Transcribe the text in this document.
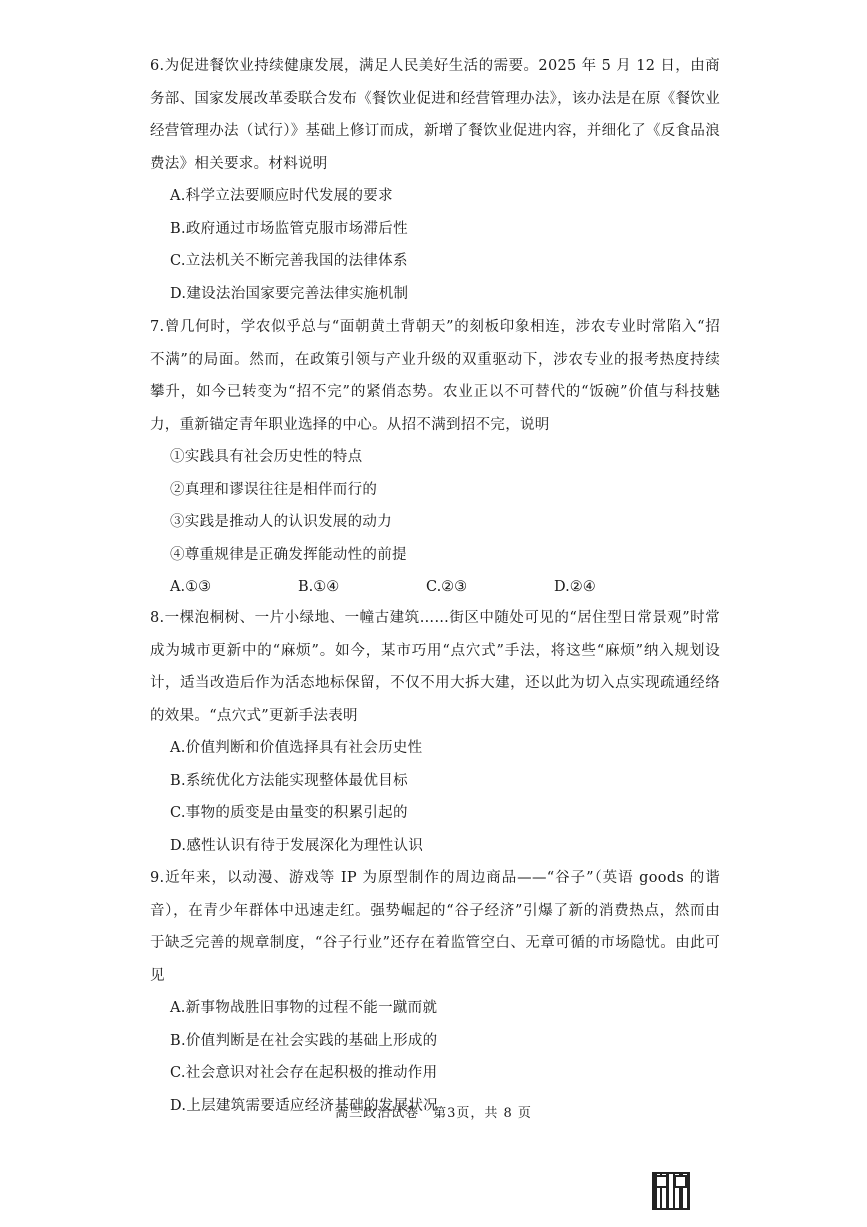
6.为促进餐饮业持续健康发展，满足人民美好生活的需要。2025 年 5 月 12 日，由商务部、国家发展改革委联合发布《餐饮业促进和经营管理办法》，该办法是在原《餐饮业经营管理办法（试行）》基础上修订而成，新增了餐饮业促进内容，并细化了《反食品浪费法》相关要求。材料说明

A.科学立法要顺应时代发展的要求

B.政府通过市场监管克服市场滞后性

C.立法机关不断完善我国的法律体系

D.建设法治国家要完善法律实施机制

7.曾几何时，学农似乎总与“面朝黄土背朝天”的刻板印象相连，涉农专业时常陷入“招不满”的局面。然而，在政策引领与产业升级的双重驱动下，涉农专业的报考热度持续攀升，如今已转变为“招不完”的紧俏态势。农业正以不可替代的“饭碗”价值与科技魅力，重新锚定青年职业选择的中心。从招不满到招不完，说明

①实践具有社会历史性的特点

②真理和谬误往往是相伴而行的

③实践是推动人的认识发展的动力

④尊重规律是正确发挥能动性的前提

A.①③	B.①④	C.②③	D.②④

8.一棵泡桐树、一片小绿地、一幢古建筑……街区中随处可见的“居住型日常景观”时常成为城市更新中的“麻烦”。如今，某市巧用“点穴式”手法，将这些“麻烦”纳入规划设计，适当改造后作为活态地标保留，不仅不用大拆大建，还以此为切入点实现疏通经络的效果。“点穴式”更新手法表明

A.价值判断和价值选择具有社会历史性

B.系统优化方法能实现整体最优目标

C.事物的质变是由量变的积累引起的

D.感性认识有待于发展深化为理性认识

9.近年来，以动漫、游戏等 IP 为原型制作的周边商品——“谷子”（英语 goods 的谐音），在青少年群体中迅速走红。强势崛起的“谷子经济”引爆了新的消费热点，然而由于缺乏完善的规章制度，“谷子行业”还存在着监管空白、无章可循的市场隐忧。由此可见

A.新事物战胜旧事物的过程不能一蹴而就

B.价值判断是在社会实践的基础上形成的

C.社会意识对社会存在起积极的推动作用

D.上层建筑需要适应经济基础的发展状况

高三政治试卷　第3页，共 8 页
